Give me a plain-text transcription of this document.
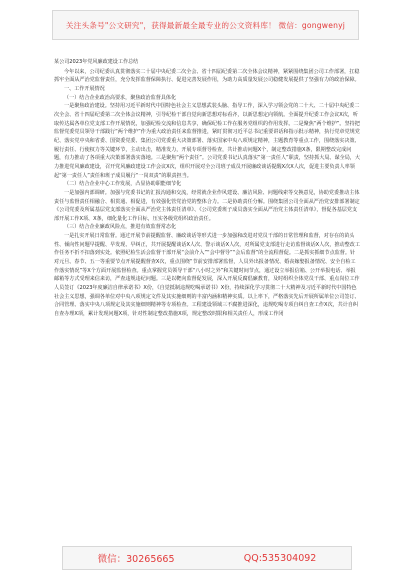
关注头条号"公文研究"，获得最新最全最专业的公文资料库！ 微信：gongwenyj

某公司2023年党风廉政建设工作总结

今年以来，公司纪委认真贯彻落实二十届中央纪委二次全会、省十四届纪委第二次全体会议精神，紧紧围绕集团公司工作部署，扛稳抓牢全面从严治党监督责任，充分发挥监督保障执行、促进完善发展作用，为助力高质量发展公司稳健发展提供了坚强有力的政治保障。

一、工作开展情况

（一）结合企业政治高要求，聚焦政治监督具体化

一是聚焦政治建设。坚持用习近平新时代中国特色社会主义思想武装头脑、指导工作，深入学习领会党的二十大、二十届中央纪委二次全会、省十四届纪委第二次全体会议精神，引导纪检干部自觉向新思想对标看齐，以新思想定向领航。全面提升纪委工作会议X次，听取传达属各单位党支部工作开展情况，加强纪检交流和信息共享，确保纪检工作在服务党组织的作用发挥。二是聚焦“两个维护”。坚持把监督党委党员领导干部践行“两个维护”作为重大政治责任来监督推进，紧盯贯彻习近平总书记重要讲话和指示批示精神，执行党章党规党纪、落实党中央和省委、国资委党委、集团公司党委重大决策部署、落实国家中央八项规定精神，主题教育等重点工作，围绕落实决策、履行责任、行使权力等关键环节，主动出击，精准发力，开展专项督导检查，共计推动问题X个，制定整改措施X条，限期整改完成问题，有力推动了各项重大决策部署落实落地。三是聚焦“两个责任”。公司党委书记认真落实“第一责任人”职责，坚持抓大局、谋全局，大力推进党风廉政建设，召开党风廉政建设工作会议X次，组织开展对全公司班子成员开展廉政谈话提醒X次X人次，促进主要负责人率领起“第一责任人”责任和班子成员履行“一岗双责”的职责担当。

（二）结合企业中心工作发展，凸显协助职能细节化

一是加强内部调研。加强与党委书记的汇报沟通和交流，经常就企业作风建设、廉洁风险、问题线索等交换意见，协助党委推动主体责任与监督责任相融合、相贯通、相促进，有效强化管党治党的整体合力。二是协助责任分解。围绕集团公司全面从严治党安排部署制定《公司党委及所属基层党支部落实全面从严治党主体责任清单》、《公司党委班子成员落实全面从严治党主体责任清单》，督促各基层党支部开展工作X项、X条，细化量化工作目标，压实各级党组织政治责任。

（三）结合企业廉政风险点，推进有效监督常态化

一是扎实开展日常监督。通过开展节前提醒监督、廉政谈话等形式进一步加强和改进对党员干部的日常管理和监督，对存在的苗头性、倾向性问题早提醒、早发现、早纠正，共开展提醒谈话X人次、警示谈话X人次，对所属党支部进行走访监督谈话X人次，推动整改工作任务不折不扣落到实处。依照纪检生活会监督干部开展“会前介入”“会中督导”“会后监督”的全流程督促。二是抓实抓细节点监督。针对元旦、春节、五一等重要节点开展提醒督查X次，重点围绕“节前安排部署监督，人员外出报备情况、婚丧嫁娶报备情况、安全自检工作落实情况”等X个方面开展监督检查。重点掌握党员领导干部“八小时之外”和关键时间节点，通过设立举报信箱、公开举报电话、举报邮箱等方式受理来信来访，严查违规违纪问题。三是以靶向监督促发展，深入开展反腐倡廉教育，及时组织全体党员干部、重点岗位工作人员签订《2023年度廉洁自律承诺书》X份，《自觉抵制违规吃喝承诺书》X份，持续深化学习贯彻二十大精神及习近平新时代中国特色社会主义思想，强调各单位对中央八项规定文件及其实施细则的丰富内涵和精神实质。以上率下，严格落实先后开展所属单位公司签订、合同管理、落实中央八项规定及其实施细则精神等专项检查。工程建设领域三不腐推进深化，违规吃喝专项自纠自查工作X次，共计自纠自查办理X项，累计发现问题X项，针对性制定整改措施X项，规定整改时限和相关责任人，形成工作闭

微信：30265665	QQ:535304092
